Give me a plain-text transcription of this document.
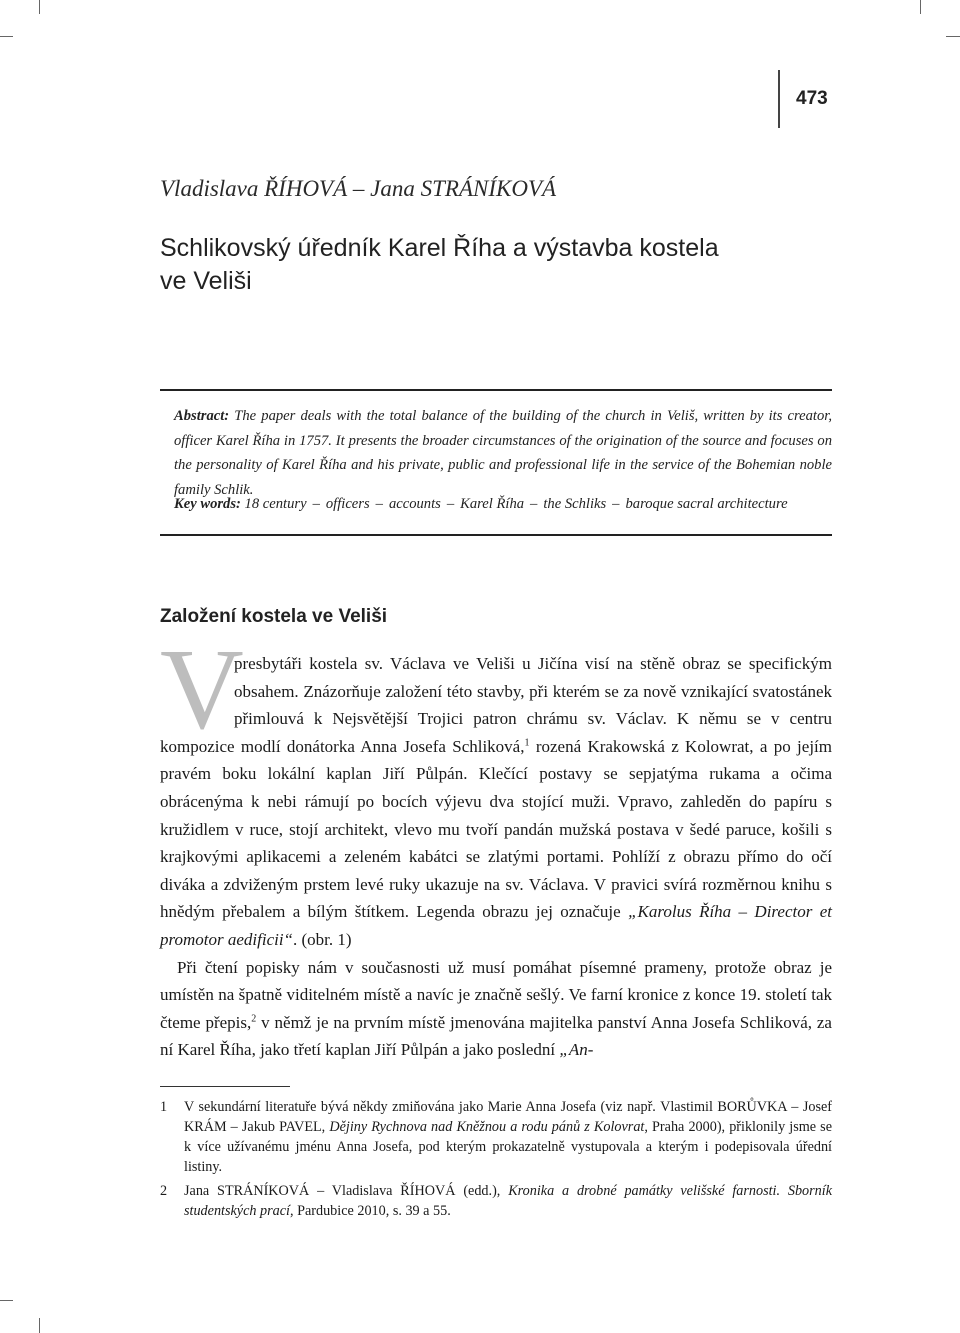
473
Vladislava ŘÍHOVÁ – Jana STRÁNÍKOVÁ
Schlikovský úředník Karel Říha a výstavba kostela
ve Veliši

Abstract: The paper deals with the total balance of the building of the church in Veliš, written by its creator, officer Karel Říha in 1757. It presents the broader circumstances of the origination of the source and focuses on the personality of Karel Říha and his private, public and professional life in the service of the Bohemian noble family Schlik.

Key words: 18 century – officers – accounts – Karel Říha – the Schliks – baroque sacral architecture

Založení kostela ve Veliši
V

presbytáři kostela sv. Václava ve Veliši u Jičína visí na stěně obraz se specifickým obsahem. Znázorňuje založení této stavby, při kterém se za nově vznikající svatostánek přimlouvá k Nejsvětější Trojici patron chrámu sv. Václav. K němu se v centru kompozice modlí donátorka Anna Josefa Schliková,$^1$ rozená Krakowská z Kolowrat, a po jejím pravém boku lokální kaplan Jiří Půlpán. Klečící postavy se sepjatýma rukama a očima obrácenýma k nebi rámují po bocích výjevu dva stojící muži. Vpravo, zahleděn do papíru s kružidlem v ruce, stojí architekt, vlevo mu tvoří pandán mužská postava v šedé paruce, košili s krajkovými aplikacemi a zeleném kabátci se zlatými portami. Pohlíží z obrazu přímo do očí diváka a zdviženým prstem levé ruky ukazuje na sv. Václava. V pravici svírá rozměrnou knihu s hnědým přebalem a bílým štítkem. Legenda obrazu jej označuje „Karolus Říha – Director et promotor aedificii“. (obr. 1)

Při čtení popisky nám v současnosti už musí pomáhat písemné prameny, protože obraz je umístěn na špatně viditelném místě a navíc je značně sešlý. Ve farní kronice z konce 19. století tak čteme přepis,$^2$ v němž je na prvním místě jmenována majitelka panství Anna Josefa Schliková, za ní Karel Říha, jako třetí kaplan Jiří Půlpán a jako poslední „An-

1	V sekundární literatuře bývá někdy zmiňována jako Marie Anna Josefa (viz např. Vlastimil BORŮVKA – Josef KRÁM – Jakub PAVEL, Dějiny Rychnova nad Kněžnou a rodu pánů z Kolovrat, Praha 2000), přiklonily jsme se k více užívanému jménu Anna Josefa, pod kterým prokazatelně vystupovala a kterým i podepisovala úřední listiny.
2	Jana STRÁNÍKOVÁ – Vladislava ŘÍHOVÁ (edd.), Kronika a drobné památky velišské farnosti. Sborník studentských prací, Pardubice 2010, s. 39 a 55.
